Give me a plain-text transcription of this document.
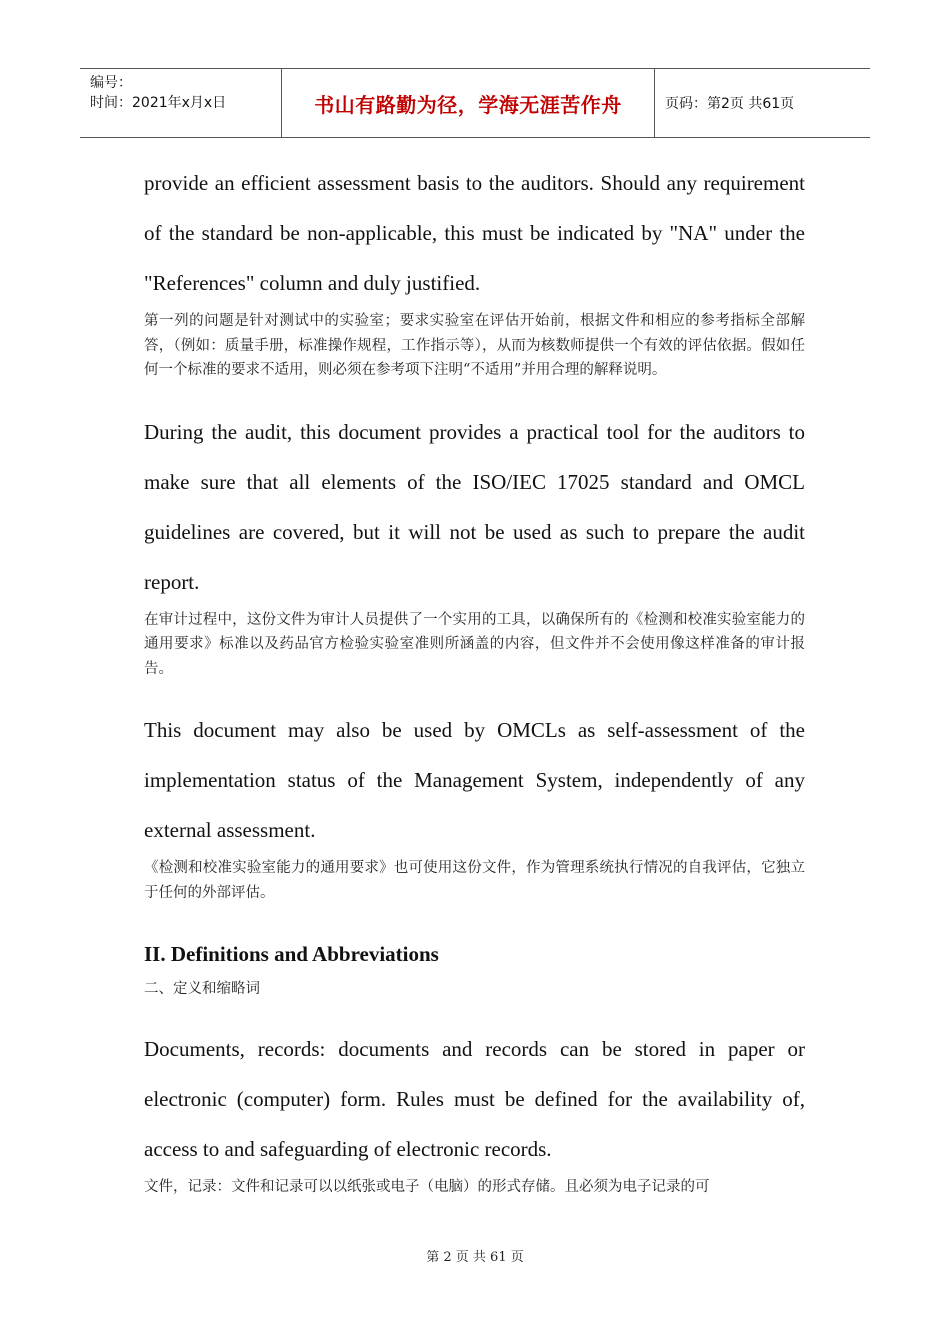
编号：
时间：2021年x月x日	书山有路勤为径，学海无涯苦作舟	页码：第2页 共61页

provide an efficient assessment basis to the auditors. Should any requirement of the standard be non-applicable, this must be indicated by "NA" under the "References" column and duly justified.

第一列的问题是针对测试中的实验室；要求实验室在评估开始前，根据文件和相应的参考指标全部解答，（例如：质量手册，标准操作规程，工作指示等），从而为核数师提供一个有效的评估依据。假如任何一个标准的要求不适用，则必须在参考项下注明“不适用”并用合理的解释说明。

During the audit, this document provides a practical tool for the auditors to make sure that all elements of the ISO/IEC 17025 standard and OMCL guidelines are covered, but it will not be used as such to prepare the audit report.

在审计过程中，这份文件为审计人员提供了一个实用的工具，以确保所有的《检测和校准实验室能力的通用要求》标准以及药品官方检验实验室准则所涵盖的内容，但文件并不会使用像这样准备的审计报告。

This document may also be used by OMCLs as self-assessment of the implementation status of the Management System, independently of any external assessment.

《检测和校准实验室能力的通用要求》也可使用这份文件，作为管理系统执行情况的自我评估，它独立于任何的外部评估。

II. Definitions and Abbreviations

二、定义和缩略词

Documents, records: documents and records can be stored in paper or electronic (computer) form. Rules must be defined for the availability of, access to and safeguarding of electronic records.

文件，记录：文件和记录可以以纸张或电子（电脑）的形式存储。且必须为电子记录的可

第 2 页 共 61 页
